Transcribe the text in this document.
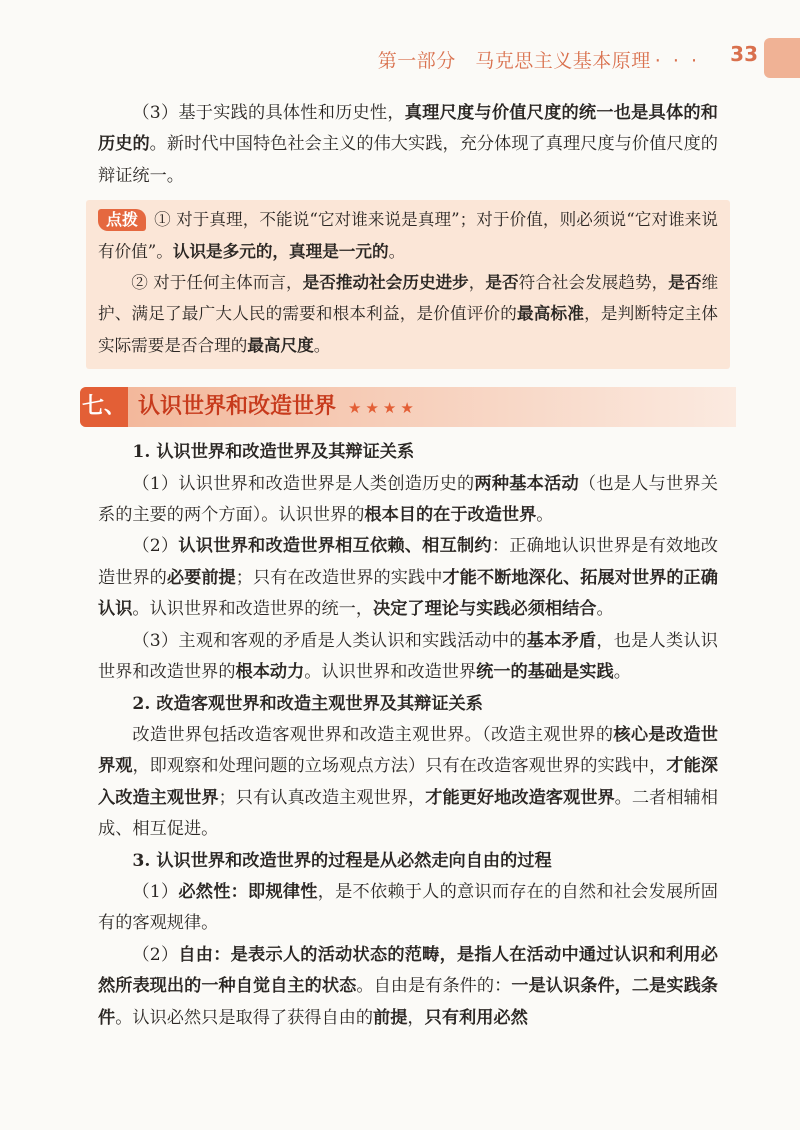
第一部分　马克思主义基本原理 · · · 33

（3）基于实践的具体性和历史性，真理尺度与价值尺度的统一也是具体的和历史的。新时代中国特色社会主义的伟大实践，充分体现了真理尺度与价值尺度的辩证统一。

点拨 ① 对于真理，不能说“它对谁来说是真理”；对于价值，则必须说“它对谁来说有价值”。认识是多元的，真理是一元的。

② 对于任何主体而言，是否推动社会历史进步，是否符合社会发展趋势，是否维护、满足了最广大人民的需要和根本利益，是价值评价的最高标准，是判断特定主体实际需要是否合理的最高尺度。

七、 认识世界和改造世界 ★★★★

1. 认识世界和改造世界及其辩证关系

（1）认识世界和改造世界是人类创造历史的两种基本活动（也是人与世界关系的主要的两个方面）。认识世界的根本目的在于改造世界。

（2）认识世界和改造世界相互依赖、相互制约：正确地认识世界是有效地改造世界的必要前提；只有在改造世界的实践中才能不断地深化、拓展对世界的正确认识。认识世界和改造世界的统一，决定了理论与实践必须相结合。

（3）主观和客观的矛盾是人类认识和实践活动中的基本矛盾，也是人类认识世界和改造世界的根本动力。认识世界和改造世界统一的基础是实践。

2. 改造客观世界和改造主观世界及其辩证关系

改造世界包括改造客观世界和改造主观世界。（改造主观世界的核心是改造世界观，即观察和处理问题的立场观点方法）只有在改造客观世界的实践中，才能深入改造主观世界；只有认真改造主观世界，才能更好地改造客观世界。二者相辅相成、相互促进。

3. 认识世界和改造世界的过程是从必然走向自由的过程

（1）必然性：即规律性，是不依赖于人的意识而存在的自然和社会发展所固有的客观规律。

（2）自由：是表示人的活动状态的范畴，是指人在活动中通过认识和利用必然所表现出的一种自觉自主的状态。自由是有条件的：一是认识条件，二是实践条件。认识必然只是取得了获得自由的前提，只有利用必然
